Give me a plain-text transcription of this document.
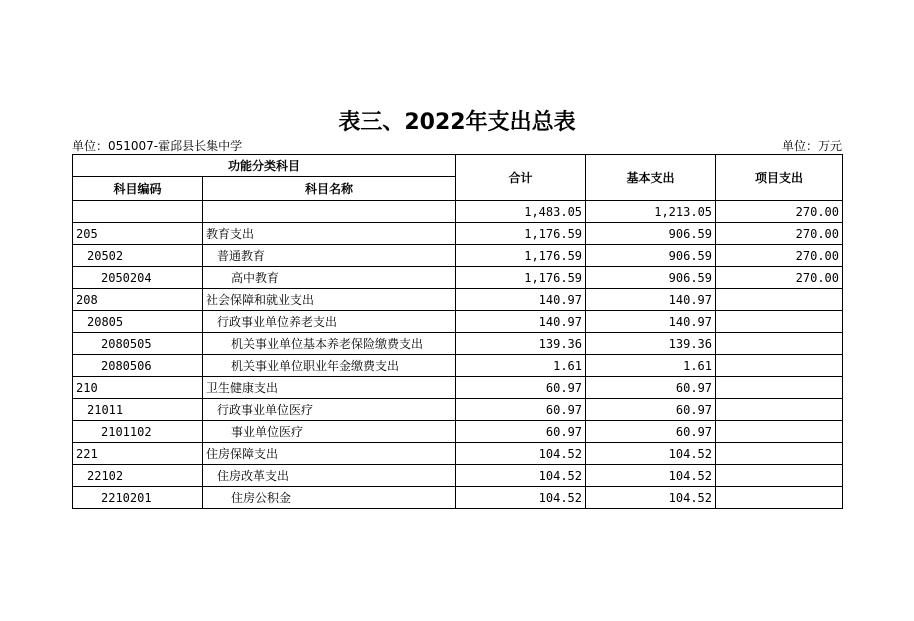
表三、2022年支出总表
单位：051007-霍邱县长集中学	单位：万元
功能分类科目		合计	基本支出	项目支出
科目编码	科目名称			
		1,483.05	1,213.05	270.00
205	教育支出	1,176.59	906.59	270.00
20502	普通教育	1,176.59	906.59	270.00
2050204	高中教育	1,176.59	906.59	270.00
208	社会保障和就业支出	140.97	140.97	
20805	行政事业单位养老支出	140.97	140.97	
2080505	机关事业单位基本养老保险缴费支出	139.36	139.36	
2080506	机关事业单位职业年金缴费支出	1.61	1.61	
210	卫生健康支出	60.97	60.97	
21011	行政事业单位医疗	60.97	60.97	
2101102	事业单位医疗	60.97	60.97	
221	住房保障支出	104.52	104.52	
22102	住房改革支出	104.52	104.52	
2210201	住房公积金	104.52	104.52	
